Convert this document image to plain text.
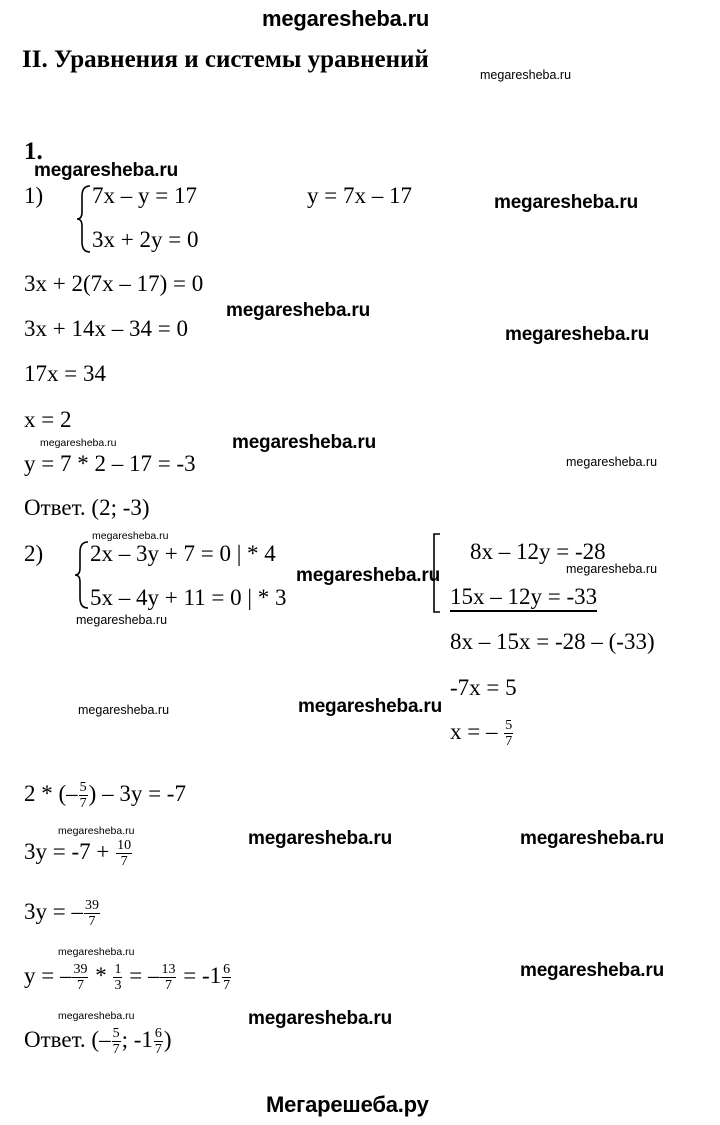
megaresheba.ru
II. Уравнения и системы уравнений
megaresheba.ru
1.
megaresheba.ru
1) 7x – y = 17
3x + 2y = 0
y = 7x – 17	megaresheba.ru
3x + 2(7x – 17) = 0
megaresheba.ru
3x + 14x – 34 = 0	megaresheba.ru
17x = 34
x = 2
megaresheba.ru	megaresheba.ru
y = 7 * 2 – 17 = -3	megaresheba.ru
Ответ. (2; -3)
2)
megaresheba.ru
2x – 3y + 7 = 0 | * 4
megaresheba.ru
5x – 4y + 11 = 0 | * 3
megaresheba.ru
8x – 12y = -28
megaresheba.ru
15x – 12y = -33
8x – 15x = -28 – (-33)
-7x = 5
megaresheba.ru	megaresheba.ru
x = – $\frac{5}{7}$
2 * (– $\frac{5}{7}$ ) – 3y = -7
megaresheba.ru	megaresheba.ru	megaresheba.ru
$3y = -7 + \frac{10}{7}$
3y = – $\frac{39}{7}$
megaresheba.ru
megaresheba.ru
y = – $\frac{39}{7} * \frac{1}{3}$ = – $\frac{13}{7} = -1 \frac{6}{7}$
megaresheba.ru	megaresheba.ru
Ответ. (– $\frac{5}{7}$ ; $-1 \frac{6}{7}$ )
Мегарешеба.ру
